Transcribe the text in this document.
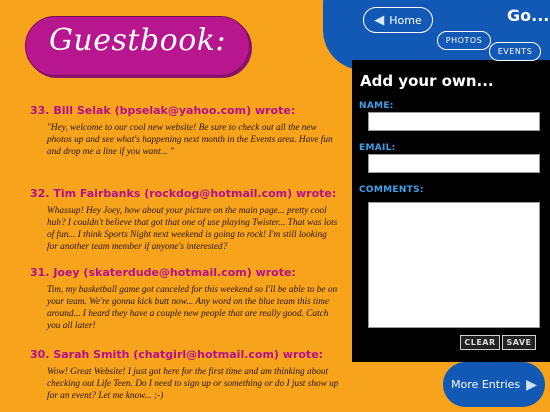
Guestbook:
◀ Home	Go...
PHOTOS
EVENTS
Add your own...
NAME:
EMAIL:
COMMENTS:
CLEAR	SAVE
More Entries ▶
33. Bill Selak (bpselak@yahoo.com) wrote:
"Hey, welcome to our cool new website! Be sure to check out all the new photos up and see what's happening next month in the Events area. Have fun and drop me a line if you want... "
32. Tim Fairbanks (rockdog@hotmail.com) wrote:
Whassup! Hey Joey, how about your picture on the main page... pretty cool huh? I couldn't believe that got that one of use playing Twister... That was lots of fun... I think Sports Night next weekend is going to rock! I'm still looking for another team member if anyone's interested?
31. Joey (skaterdude@hotmail.com) wrote:
Tim, my basketball game got canceled for this weekend so I'll be able to be on your team. We're gonna kick butt now... Any word on the blue team this time around... I heard they have a couple new people that are really good. Catch you all later!
30. Sarah Smith (chatgirl@hotmail.com) wrote:
Wow! Great Website! I just got here for the first time and am thinking about checking out Life Teen. Do I need to sign up or something or do I just show up for an event? Let me know... ;-)
